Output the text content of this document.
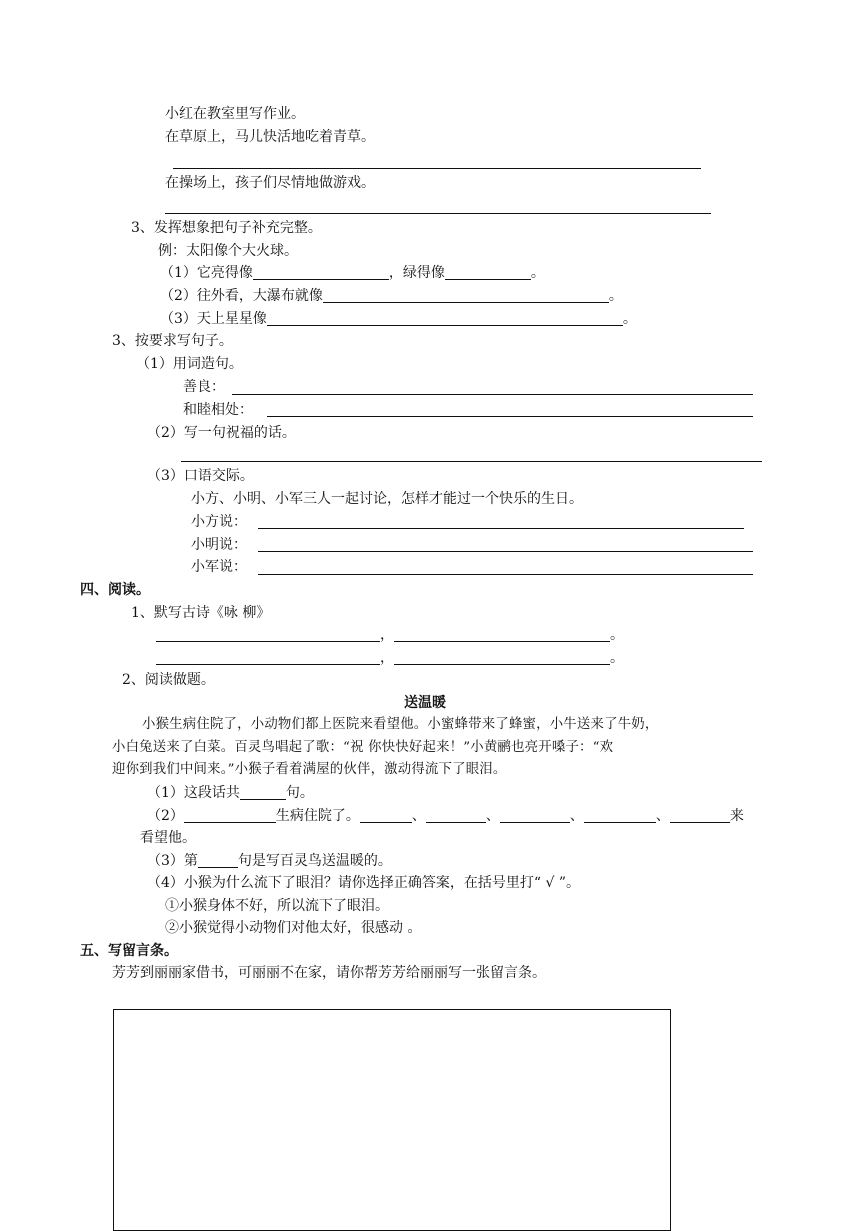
小红在教室里写作业。
在草原上，马儿快活地吃着青草。
在操场上，孩子们尽情地做游戏。
3、发挥想象把句子补充完整。
例：太阳像个大火球。
（1）它亮得像	，绿得像	。
（2）往外看，大瀑布就像	。
（3）天上星星像	。
3、按要求写句子。
（1）用词造句。
善良：
和睦相处：
（2）写一句祝福的话。
（3）口语交际。
小方、小明、小军三人一起讨论，怎样才能过一个快乐的生日。
小方说：
小明说：
小军说：
四、阅读。
1、默写古诗《咏 柳》
，	。
，	。
2、阅读做题。
送温暖
小猴生病住院了，小动物们都上医院来看望他。小蜜蜂带来了蜂蜜，小牛送来了牛奶，
小白兔送来了白菜。百灵鸟唱起了歌：“祝 你快快好起来！”小黄鹂也亮开嗓子：“欢
迎你到我们中间来。”小猴子看着满屋的伙伴，激动得流下了眼泪。
（1）这段话共	句。
（2）	生病住院了。	、	、	、	、	来
看望他。
（3）第	句是写百灵鸟送温暖的。
（4）小猴为什么流下了眼泪？请你选择正确答案，在括号里打“ √ ”。
①小猴身体不好，所以流下了眼泪。
②小猴觉得小动物们对他太好，很感动 。
五、写留言条。
芳芳到丽丽家借书，可丽丽不在家，请你帮芳芳给丽丽写一张留言条。
